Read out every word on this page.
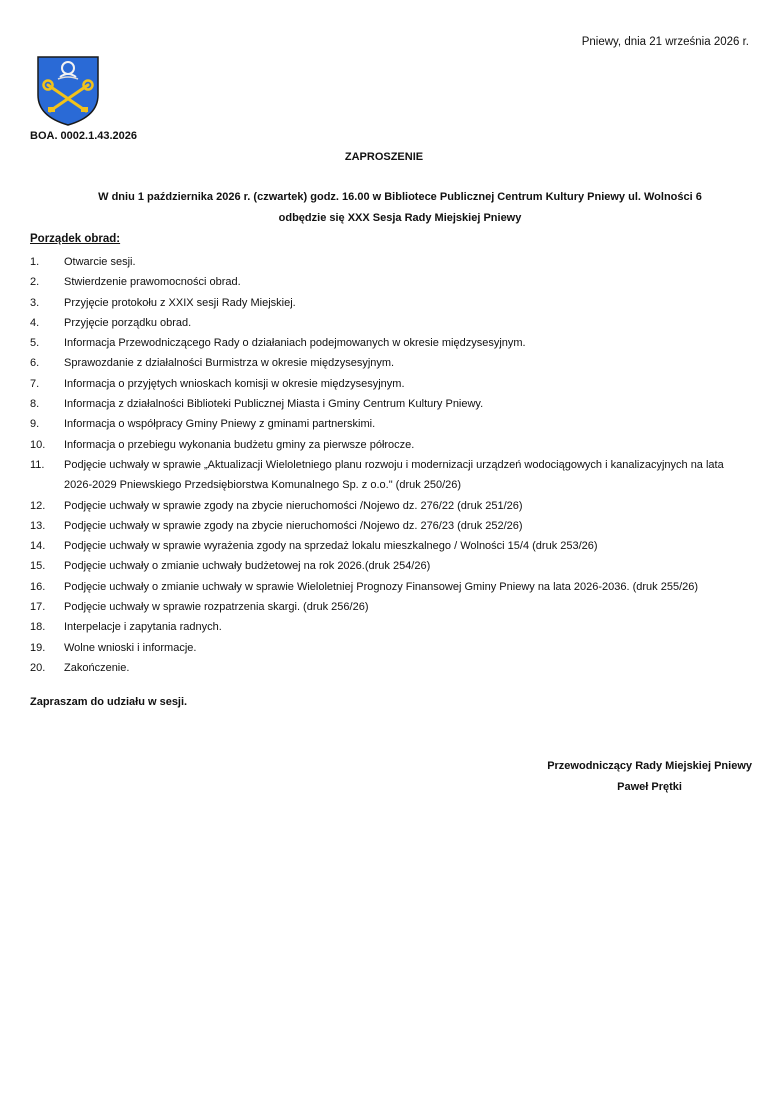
Pniewy, dnia 21 września 2026 r.
BOA. 0002.1.43.2026
ZAPROSZENIE
W dniu 1 października 2026 r. (czwartek) godz. 16.00 w Bibliotece Publicznej Centrum Kultury Pniewy ul. Wolności 6
odbędzie się XXX Sesja Rady Miejskiej Pniewy
Porządek obrad:
1.	Otwarcie sesji.
2.	Stwierdzenie prawomocności obrad.
3.	Przyjęcie protokołu z XXIX sesji Rady Miejskiej.
4.	Przyjęcie porządku obrad.
5.	Informacja Przewodniczącego Rady o działaniach podejmowanych w okresie międzysesyjnym.
6.	Sprawozdanie z działalności Burmistrza w okresie międzysesyjnym.
7.	Informacja o przyjętych wnioskach komisji w okresie międzysesyjnym.
8.	Informacja z działalności Biblioteki Publicznej Miasta i Gminy Centrum Kultury Pniewy.
9.	Informacja o współpracy Gminy Pniewy z gminami partnerskimi.
10.	Informacja o przebiegu wykonania budżetu gminy za pierwsze półrocze.
11.	Podjęcie uchwały w sprawie „Aktualizacji Wieloletniego planu rozwoju i modernizacji urządzeń wodociągowych i kanalizacyjnych na lata 2026-2029 Pniewskiego Przedsiębiorstwa Komunalnego Sp. z o.o." (druk 250/26)
12.	Podjęcie uchwały w sprawie zgody na zbycie nieruchomości /Nojewo dz. 276/22 (druk 251/26)
13.	Podjęcie uchwały w sprawie zgody na zbycie nieruchomości /Nojewo dz. 276/23 (druk 252/26)
14.	Podjęcie uchwały w sprawie wyrażenia zgody na sprzedaż lokalu mieszkalnego / Wolności 15/4 (druk 253/26)
15.	Podjęcie uchwały o zmianie uchwały budżetowej na rok 2026.(druk 254/26)
16.	Podjęcie uchwały o zmianie uchwały w sprawie Wieloletniej Prognozy Finansowej Gminy Pniewy na lata 2026-2036. (druk 255/26)
17.	Podjęcie uchwały w sprawie rozpatrzenia skargi. (druk 256/26)
18.	Interpelacje i zapytania radnych.
19.	Wolne wnioski i informacje.
20.	Zakończenie.
Zapraszam do udziału w sesji.
Przewodniczący Rady Miejskiej Pniewy
Paweł Prętki
